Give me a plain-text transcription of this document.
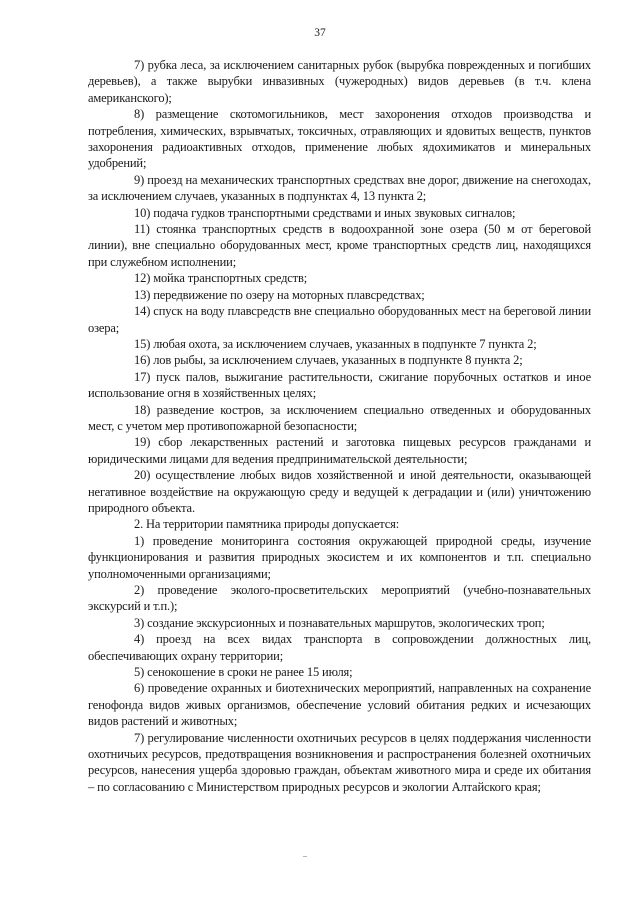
37

7) рубка леса, за исключением санитарных рубок (вырубка поврежденных и погибших деревьев), а также вырубки инвазивных (чужеродных) видов деревьев (в т.ч. клена американского);

8) размещение скотомогильников, мест захоронения отходов производства и потребления, химических, взрывчатых, токсичных, отравляющих и ядовитых веществ, пунктов захоронения радиоактивных отходов, применение любых ядохимикатов и минеральных удобрений;

9) проезд на механических транспортных средствах вне дорог, движение на снегоходах, за исключением случаев, указанных в подпунктах 4, 13 пункта 2;

10) подача гудков транспортными средствами и иных звуковых сигналов;

11) стоянка транспортных средств в водоохранной зоне озера (50 м от береговой линии), вне специально оборудованных мест, кроме транспортных средств лиц, находящихся при служебном исполнении;

12) мойка транспортных средств;

13) передвижение по озеру на моторных плавсредствах;

14) спуск на воду плавсредств вне специально оборудованных мест на береговой линии озера;

15) любая охота, за исключением случаев, указанных в подпункте 7 пункта 2;

16) лов рыбы, за исключением случаев, указанных в подпункте 8 пункта 2;

17) пуск палов, выжигание растительности, сжигание порубочных остатков и иное использование огня в хозяйственных целях;

18) разведение костров, за исключением специально отведенных и оборудованных мест, с учетом мер противопожарной безопасности;

19) сбор лекарственных растений и заготовка пищевых ресурсов гражданами и юридическими лицами для ведения предпринимательской деятельности;

20) осуществление любых видов хозяйственной и иной деятельности, оказывающей негативное воздействие на окружающую среду и ведущей к деградации и (или) уничтожению природного объекта.

2. На территории памятника природы допускается:

1) проведение мониторинга состояния окружающей природной среды, изучение функционирования и развития природных экосистем и их компонентов и т.п. специально уполномоченными организациями;

2) проведение эколого-просветительских мероприятий (учебно-познавательных экскурсий и т.п.);

3) создание экскурсионных и познавательных маршрутов, экологических троп;

4) проезд на всех видах транспорта в сопровождении должностных лиц, обеспечивающих охрану территории;

5) сенокошение в сроки не ранее 15 июля;

6) проведение охранных и биотехнических мероприятий, направленных на сохранение генофонда видов живых организмов, обеспечение условий обитания редких и исчезающих видов растений и животных;

7) регулирование численности охотничьих ресурсов в целях поддержания численности охотничьих ресурсов, предотвращения возникновения и распространения болезней охотничьих ресурсов, нанесения ущерба здоровью граждан, объектам животного мира и среде их обитания – по согласованию с Министерством природных ресурсов и экологии Алтайского края;
